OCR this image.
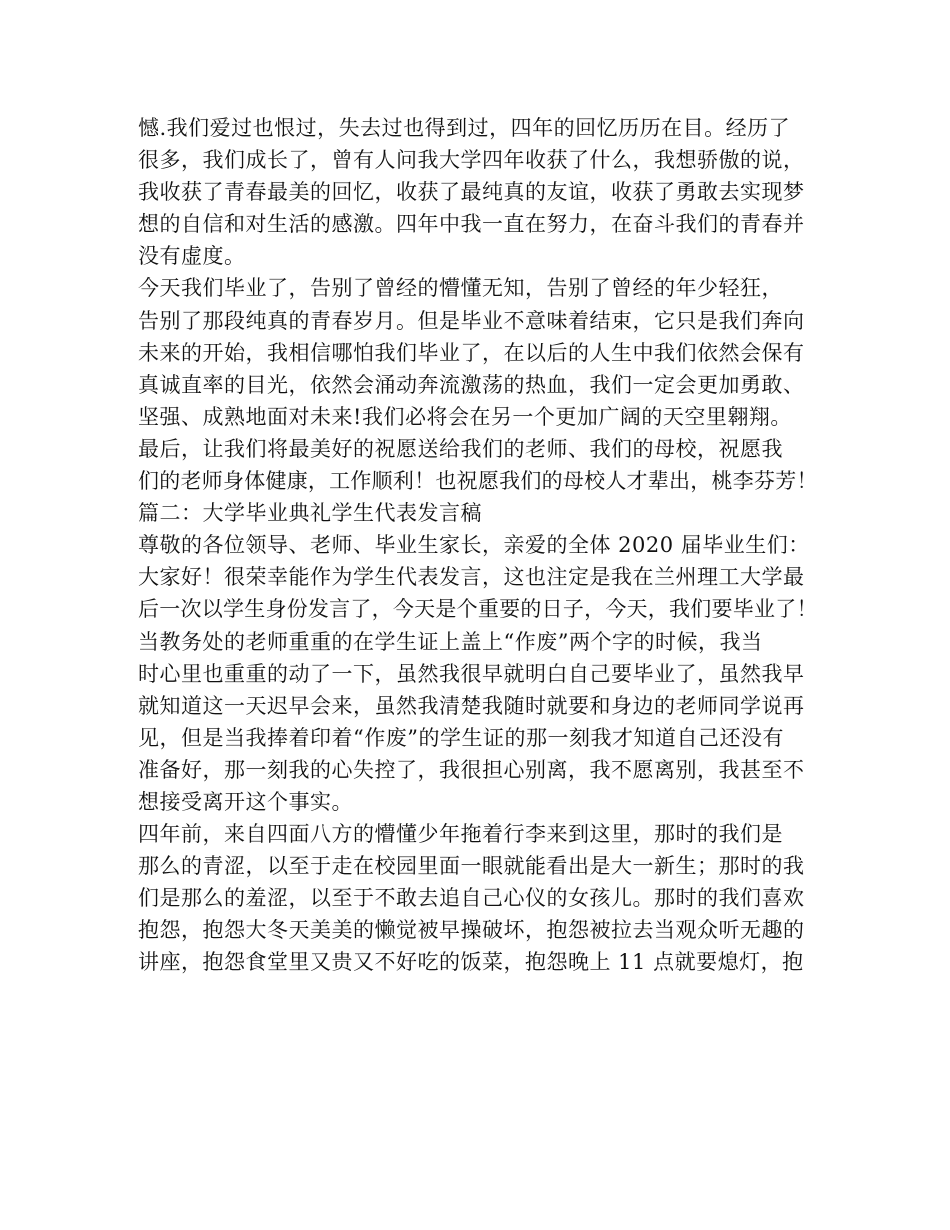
憾.我们爱过也恨过，失去过也得到过，四年的回忆历历在目。经历了
很多，我们成长了，曾有人问我大学四年收获了什么，我想骄傲的说，
我收获了青春最美的回忆，收获了最纯真的友谊，收获了勇敢去实现梦
想的自信和对生活的感激。四年中我一直在努力，在奋斗我们的青春并
没有虚度。
今天我们毕业了，告别了曾经的懵懂无知，告别了曾经的年少轻狂，
告别了那段纯真的青春岁月。但是毕业不意味着结束，它只是我们奔向
未来的开始，我相信哪怕我们毕业了，在以后的人生中我们依然会保有
真诚直率的目光，依然会涌动奔流激荡的热血，我们一定会更加勇敢、
坚强、成熟地面对未来!我们必将会在另一个更加广阔的天空里翱翔。
最后，让我们将最美好的祝愿送给我们的老师、我们的母校，祝愿我
们的老师身体健康，工作顺利！也祝愿我们的母校人才辈出，桃李芬芳！
篇二：大学毕业典礼学生代表发言稿
尊敬的各位领导、老师、毕业生家长，亲爱的全体 2020 届毕业生们：
大家好！很荣幸能作为学生代表发言，这也注定是我在兰州理工大学最
后一次以学生身份发言了，今天是个重要的日子，今天，我们要毕业了！
当教务处的老师重重的在学生证上盖上“作废”两个字的时候，我当
时心里也重重的动了一下，虽然我很早就明白自己要毕业了，虽然我早
就知道这一天迟早会来，虽然我清楚我随时就要和身边的老师同学说再
见，但是当我捧着印着“作废”的学生证的那一刻我才知道自己还没有
准备好，那一刻我的心失控了，我很担心别离，我不愿离别，我甚至不
想接受离开这个事实。
四年前，来自四面八方的懵懂少年拖着行李来到这里，那时的我们是
那么的青涩，以至于走在校园里面一眼就能看出是大一新生；那时的我
们是那么的羞涩，以至于不敢去追自己心仪的女孩儿。那时的我们喜欢
抱怨，抱怨大冬天美美的懒觉被早操破坏，抱怨被拉去当观众听无趣的
讲座，抱怨食堂里又贵又不好吃的饭菜，抱怨晚上 11 点就要熄灯，抱
